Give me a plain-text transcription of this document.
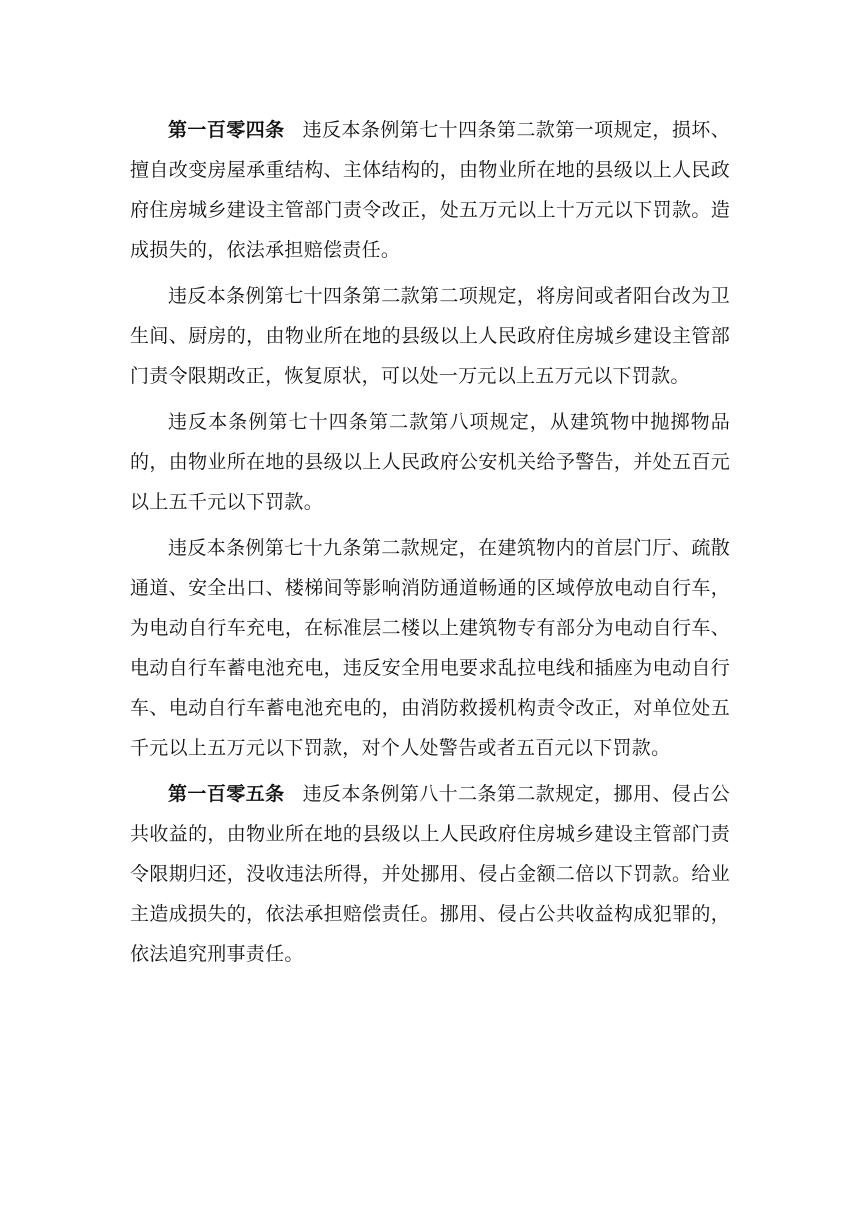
第一百零四条 违反本条例第七十四条第二款第一项规定，损坏、擅自改变房屋承重结构、主体结构的，由物业所在地的县级以上人民政府住房城乡建设主管部门责令改正，处五万元以上十万元以下罚款。造成损失的，依法承担赔偿责任。

违反本条例第七十四条第二款第二项规定，将房间或者阳台改为卫生间、厨房的，由物业所在地的县级以上人民政府住房城乡建设主管部门责令限期改正，恢复原状，可以处一万元以上五万元以下罚款。

违反本条例第七十四条第二款第八项规定，从建筑物中抛掷物品的，由物业所在地的县级以上人民政府公安机关给予警告，并处五百元以上五千元以下罚款。

违反本条例第七十九条第二款规定，在建筑物内的首层门厅、疏散通道、安全出口、楼梯间等影响消防通道畅通的区域停放电动自行车，为电动自行车充电，在标准层二楼以上建筑物专有部分为电动自行车、电动自行车蓄电池充电，违反安全用电要求乱拉电线和插座为电动自行车、电动自行车蓄电池充电的，由消防救援机构责令改正，对单位处五千元以上五万元以下罚款，对个人处警告或者五百元以下罚款。

第一百零五条 违反本条例第八十二条第二款规定，挪用、侵占公共收益的，由物业所在地的县级以上人民政府住房城乡建设主管部门责令限期归还，没收违法所得，并处挪用、侵占金额二倍以下罚款。给业主造成损失的，依法承担赔偿责任。挪用、侵占公共收益构成犯罪的，依法追究刑事责任。
